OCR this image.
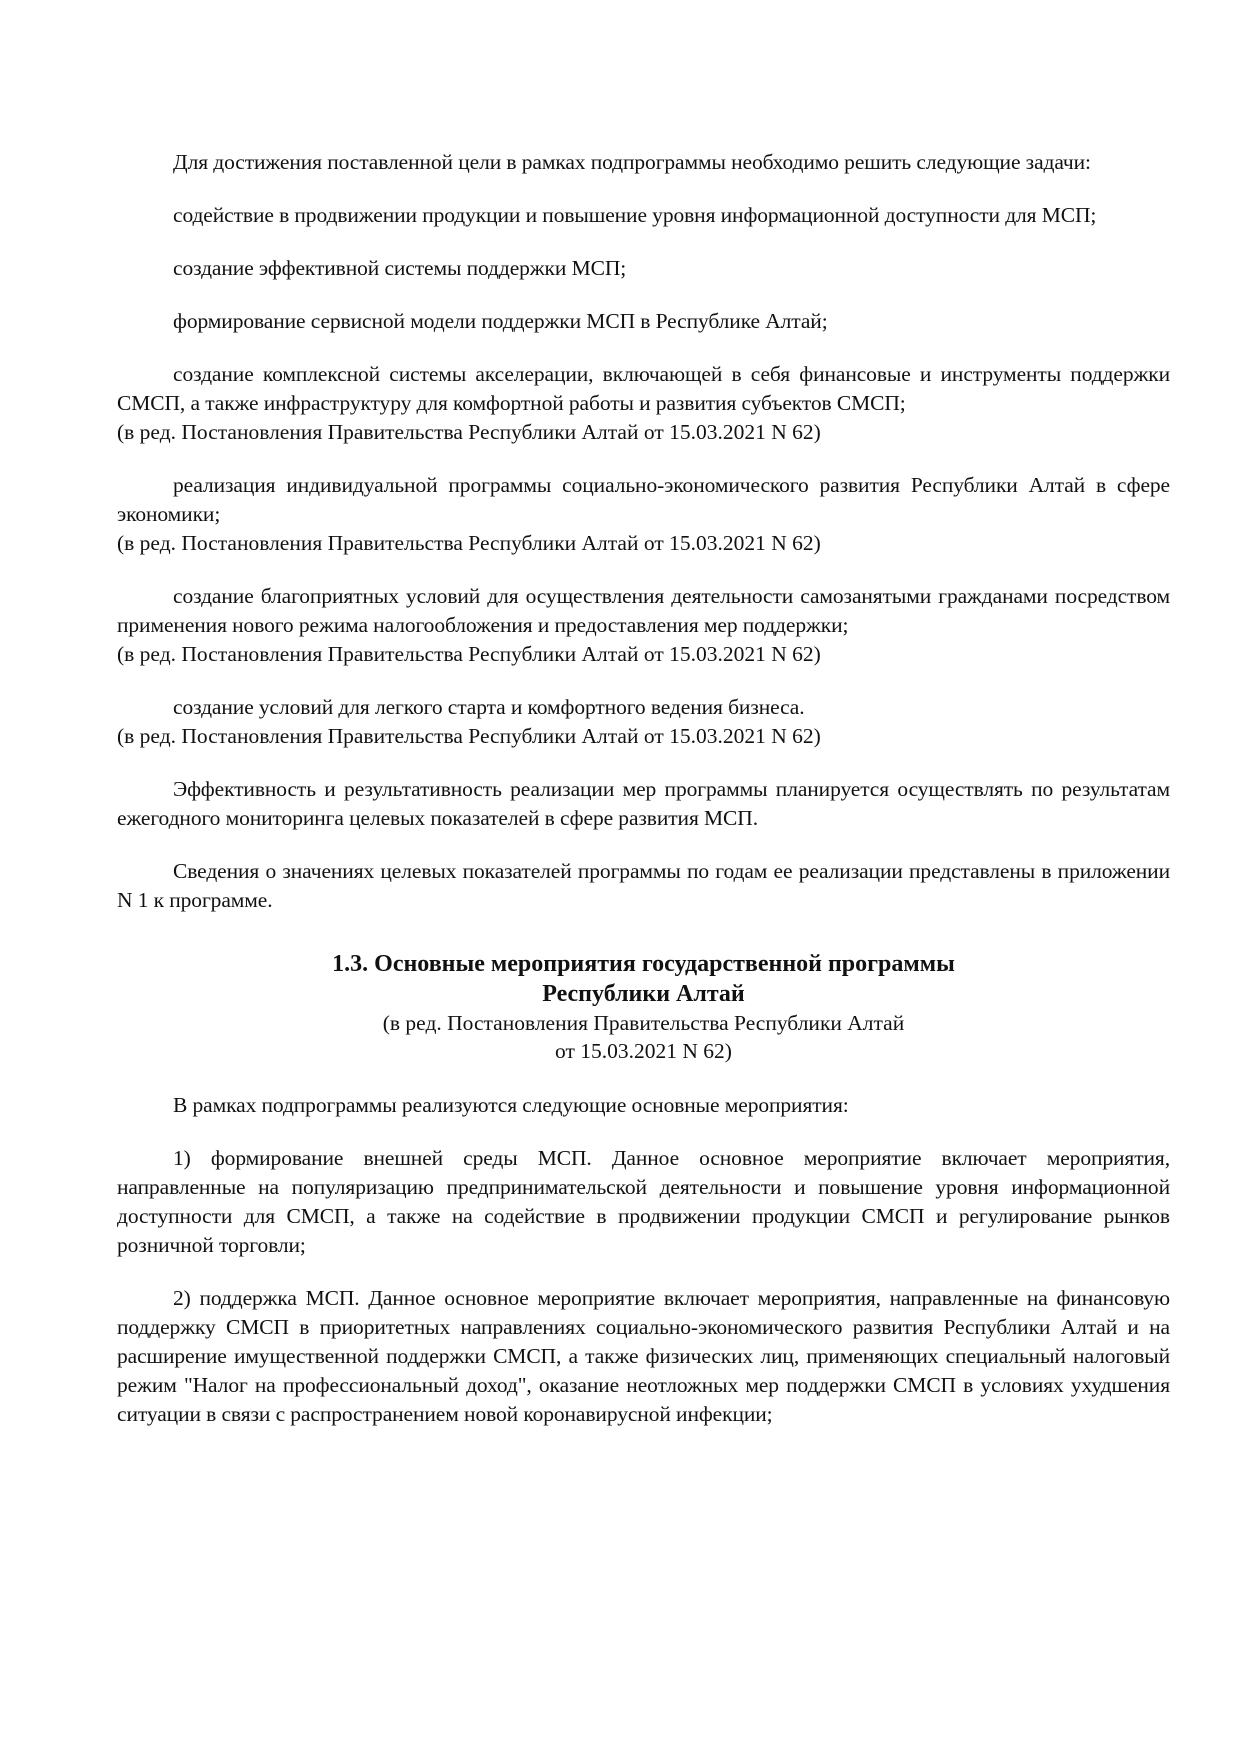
Для достижения поставленной цели в рамках подпрограммы необходимо решить следующие задачи:

содействие в продвижении продукции и повышение уровня информационной доступности для МСП;

создание эффективной системы поддержки МСП;

формирование сервисной модели поддержки МСП в Республике Алтай;

создание комплексной системы акселерации, включающей в себя финансовые и инструменты поддержки СМСП, а также инфраструктуру для комфортной работы и развития субъектов СМСП;

(в ред. Постановления Правительства Республики Алтай от 15.03.2021 N 62)

реализация индивидуальной программы социально-экономического развития Республики Алтай в сфере экономики;

(в ред. Постановления Правительства Республики Алтай от 15.03.2021 N 62)

создание благоприятных условий для осуществления деятельности самозанятыми гражданами посредством применения нового режима налогообложения и предоставления мер поддержки;

(в ред. Постановления Правительства Республики Алтай от 15.03.2021 N 62)

создание условий для легкого старта и комфортного ведения бизнеса.

(в ред. Постановления Правительства Республики Алтай от 15.03.2021 N 62)

Эффективность и результативность реализации мер программы планируется осуществлять по результатам ежегодного мониторинга целевых показателей в сфере развития МСП.

Сведения о значениях целевых показателей программы по годам ее реализации представлены в приложении N 1 к программе.

1.3. Основные мероприятия государственной программы
Республики Алтай
(в ред. Постановления Правительства Республики Алтай
от 15.03.2021 N 62)

В рамках подпрограммы реализуются следующие основные мероприятия:

1) формирование внешней среды МСП. Данное основное мероприятие включает мероприятия, направленные на популяризацию предпринимательской деятельности и повышение уровня информационной доступности для СМСП, а также на содействие в продвижении продукции СМСП и регулирование рынков розничной торговли;

2) поддержка МСП. Данное основное мероприятие включает мероприятия, направленные на финансовую поддержку СМСП в приоритетных направлениях социально-экономического развития Республики Алтай и на расширение имущественной поддержки СМСП, а также физических лиц, применяющих специальный налоговый режим "Налог на профессиональный доход", оказание неотложных мер поддержки СМСП в условиях ухудшения ситуации в связи с распространением новой коронавирусной инфекции;
